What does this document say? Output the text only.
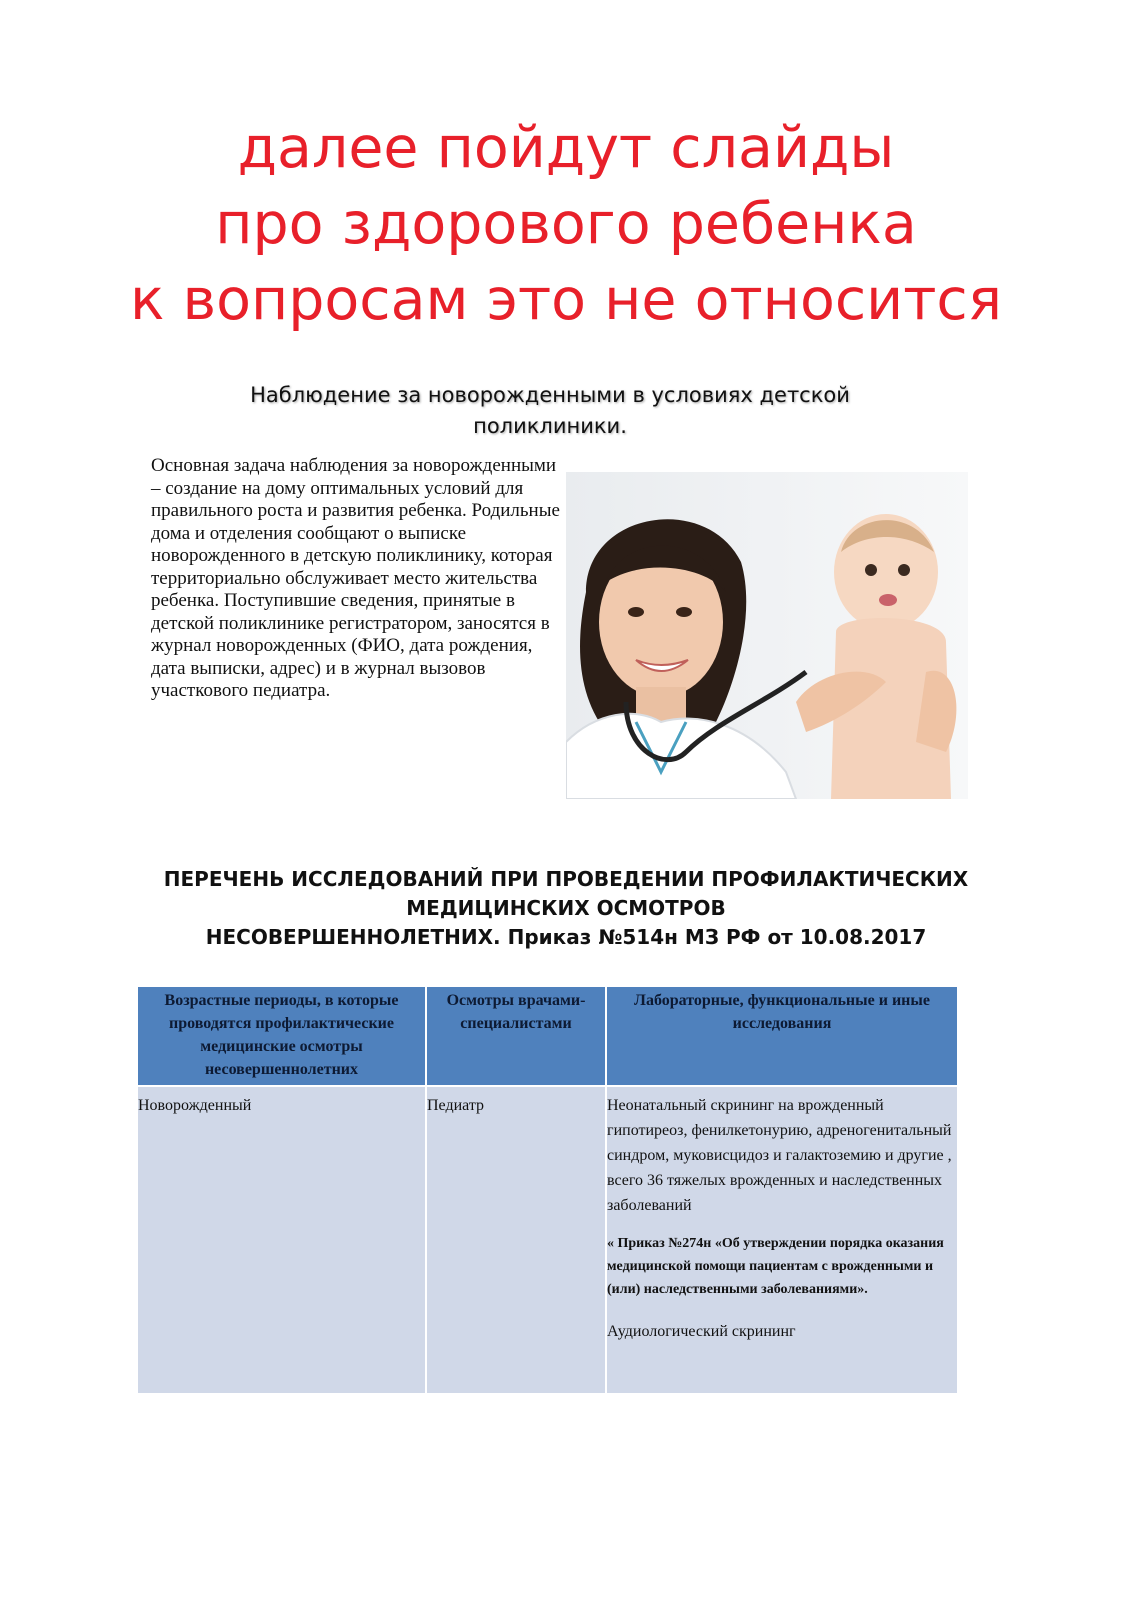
далее пойдут слайды
про здорового ребенка
к вопросам это не относится
Наблюдение за новорожденными в условиях детской
поликлиники.
Основная задача наблюдения за новорожденными – создание на дому оптимальных условий для правильного роста и развития ребенка. Родильные дома и отделения сообщают о выписке новорожденного в детскую поликлинику, которая территориально обслуживает место жительства ребенка. Поступившие сведения, принятые в детской поликлинике регистратором, заносятся в журнал новорожденных (ФИО, дата рождения, дата выписки, адрес) и в журнал вызовов участкового педиатра.
ПЕРЕЧЕНЬ ИССЛЕДОВАНИЙ ПРИ ПРОВЕДЕНИИ ПРОФИЛАКТИЧЕСКИХ
МЕДИЦИНСКИХ ОСМОТРОВ
НЕСОВЕРШЕННОЛЕТНИХ. Приказ №514н МЗ РФ от 10.08.2017
Возрастные периоды, в которые проводятся профилактические медицинские осмотры несовершеннолетних	Осмотры врачами-специалистами	Лабораторные, функциональные и иные исследования
Новорожденный	Педиатр	Неонатальный скрининг на врожденный гипотиреоз, фенилкетонурию, адреногенитальный синдром, муковисцидоз и галактоземию и другие , всего 36 тяжелых врожденных и наследственных заболеваний
« Приказ №274н «Об утверждении порядка оказания медицинской помощи пациентам с врожденными и (или) наследственными заболеваниями».
Аудиологический скрининг
